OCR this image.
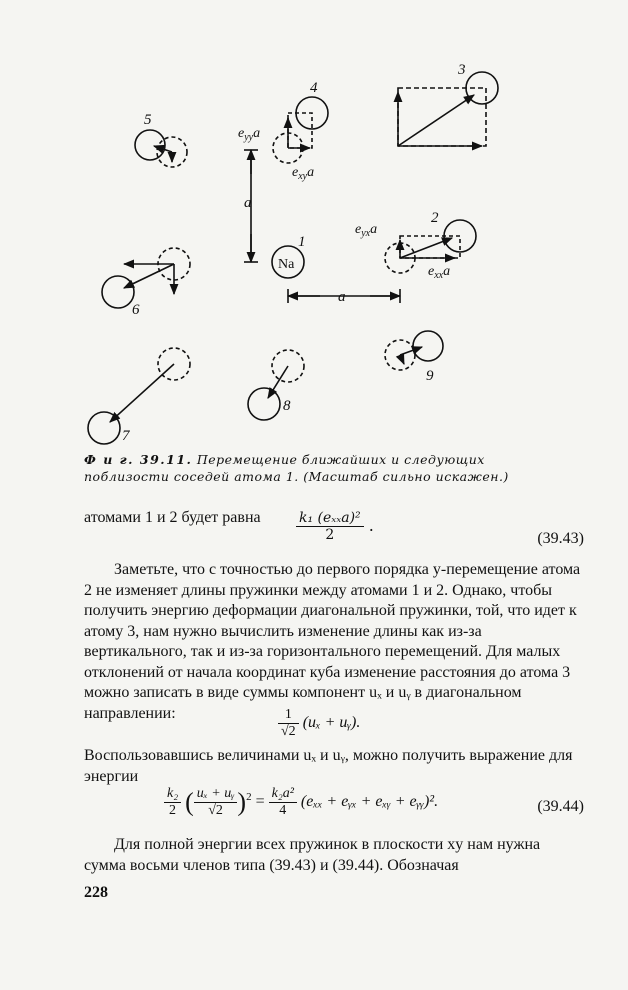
Na
1
2
3
4
5
6
7
8
9
a
a
$e_{yy}a$
$e_{xy}a$
$e_{yx}a$
$e_{xx}a$
Ф и г. 39.11. Перемещение ближайших и следующих поблизости соседей атома 1. (Масштаб сильно искажен.)
атомами 1 и 2 будет равна	$\frac{\text{k₁ (eₓₓa)²}}{2}$ .
(39.43)
Заметьте, что с точностью до первого порядка y-перемещение атома 2 не изменяет длины пружинки между атомами 1 и 2. Однако, чтобы получить энергию деформации диагональной пружинки, той, что идет к атому 3, нам нужно вычислить изменение длины как из-за вертикального, так и из-за горизонтального перемещений. Для малых отклонений от начала координат куба изменение расстояния до атома 3 можно записать в виде суммы компонент uₓ и uᵧ в диагональном направлении:	$\frac{1}{√2} (u_x$ + uᵧ).
Воспользовавшись величинами uₓ и uᵧ, можно получить выражение для энергии
$\frac{\text{k₂}}{2}$ ( $\frac{\text{uₓ + uᵧ}}{√2} )^2 = \frac{\text{k₂a²}}{4} (e_{xx}$ + eᵧₓ + eₓᵧ + eᵧᵧ)².	(39.44)
Для полной энергии всех пружинок в плоскости xy нам нужна сумма восьми членов типа (39.43) и (39.44). Обозначая
228
